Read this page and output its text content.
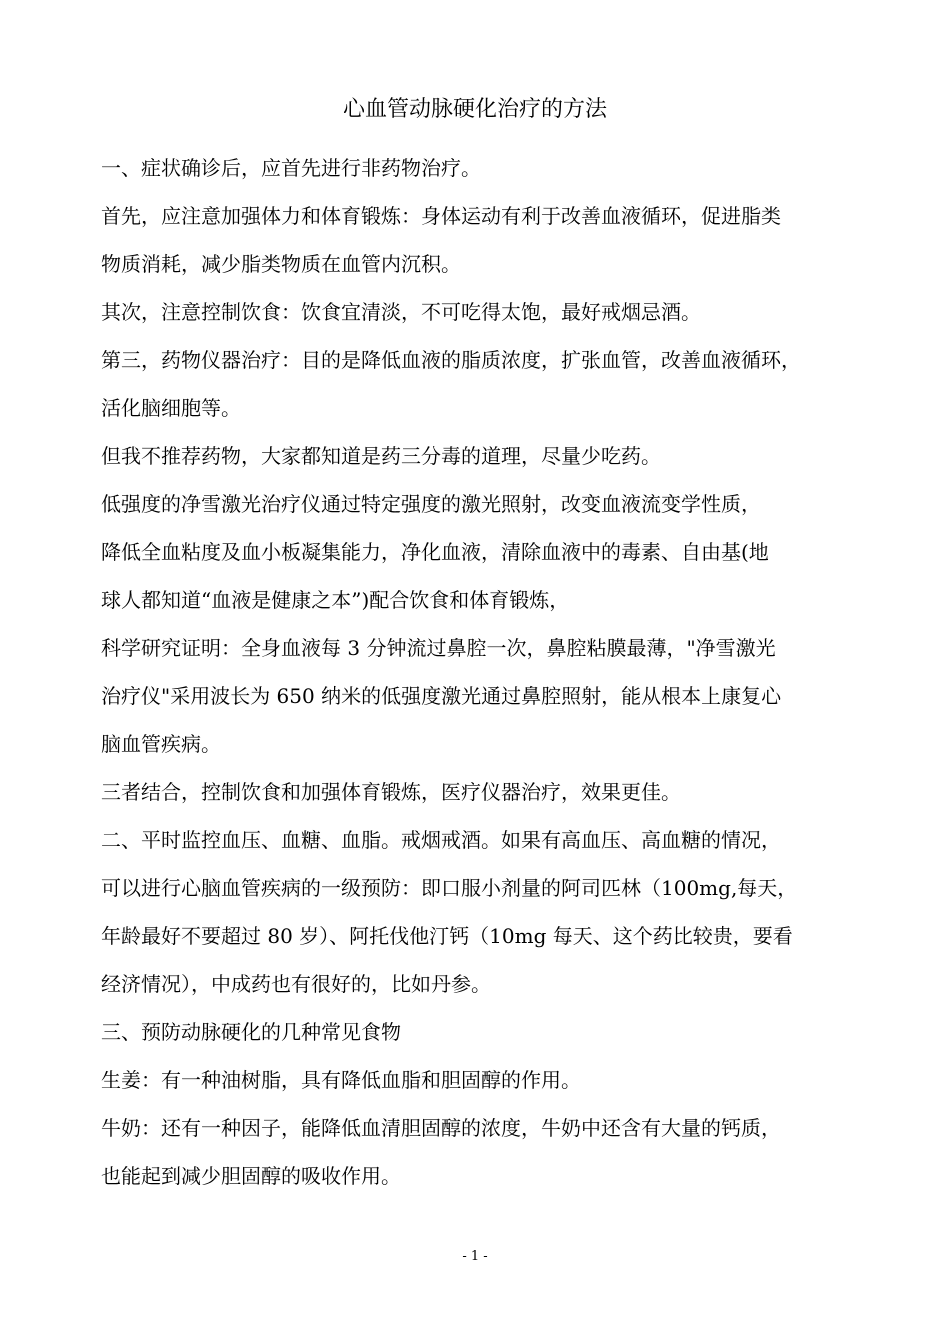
心血管动脉硬化治疗的方法

一、症状确诊后，应首先进行非药物治疗。

首先，应注意加强体力和体育锻炼：身体运动有利于改善血液循环，促进脂类
物质消耗，减少脂类物质在血管内沉积。

其次，注意控制饮食：饮食宜清淡，不可吃得太饱，最好戒烟忌酒。

第三，药物仪器治疗：目的是降低血液的脂质浓度，扩张血管，改善血液循环，
活化脑细胞等。

但我不推荐药物，大家都知道是药三分毒的道理，尽量少吃药。

低强度的净雪激光治疗仪通过特定强度的激光照射，改变血液流变学性质，
降低全血粘度及血小板凝集能力，净化血液，清除血液中的毒素、自由基(地
球人都知道“血液是健康之本”)配合饮食和体育锻炼，

科学研究证明：全身血液每 3 分钟流过鼻腔一次，鼻腔粘膜最薄，"净雪激光
治疗仪"采用波长为 650 纳米的低强度激光通过鼻腔照射，能从根本上康复心
脑血管疾病。

三者结合，控制饮食和加强体育锻炼，医疗仪器治疗，效果更佳。

二、平时监控血压、血糖、血脂。戒烟戒酒。如果有高血压、高血糖的情况，
可以进行心脑血管疾病的一级预防：即口服小剂量的阿司匹林（100mg,每天，
年龄最好不要超过 80 岁）、阿托伐他汀钙（10mg 每天、这个药比较贵，要看
经济情况），中成药也有很好的，比如丹参。

三、预防动脉硬化的几种常见食物

生姜：有一种油树脂，具有降低血脂和胆固醇的作用。

牛奶：还有一种因子，能降低血清胆固醇的浓度，牛奶中还含有大量的钙质，
也能起到减少胆固醇的吸收作用。

- 1 -
